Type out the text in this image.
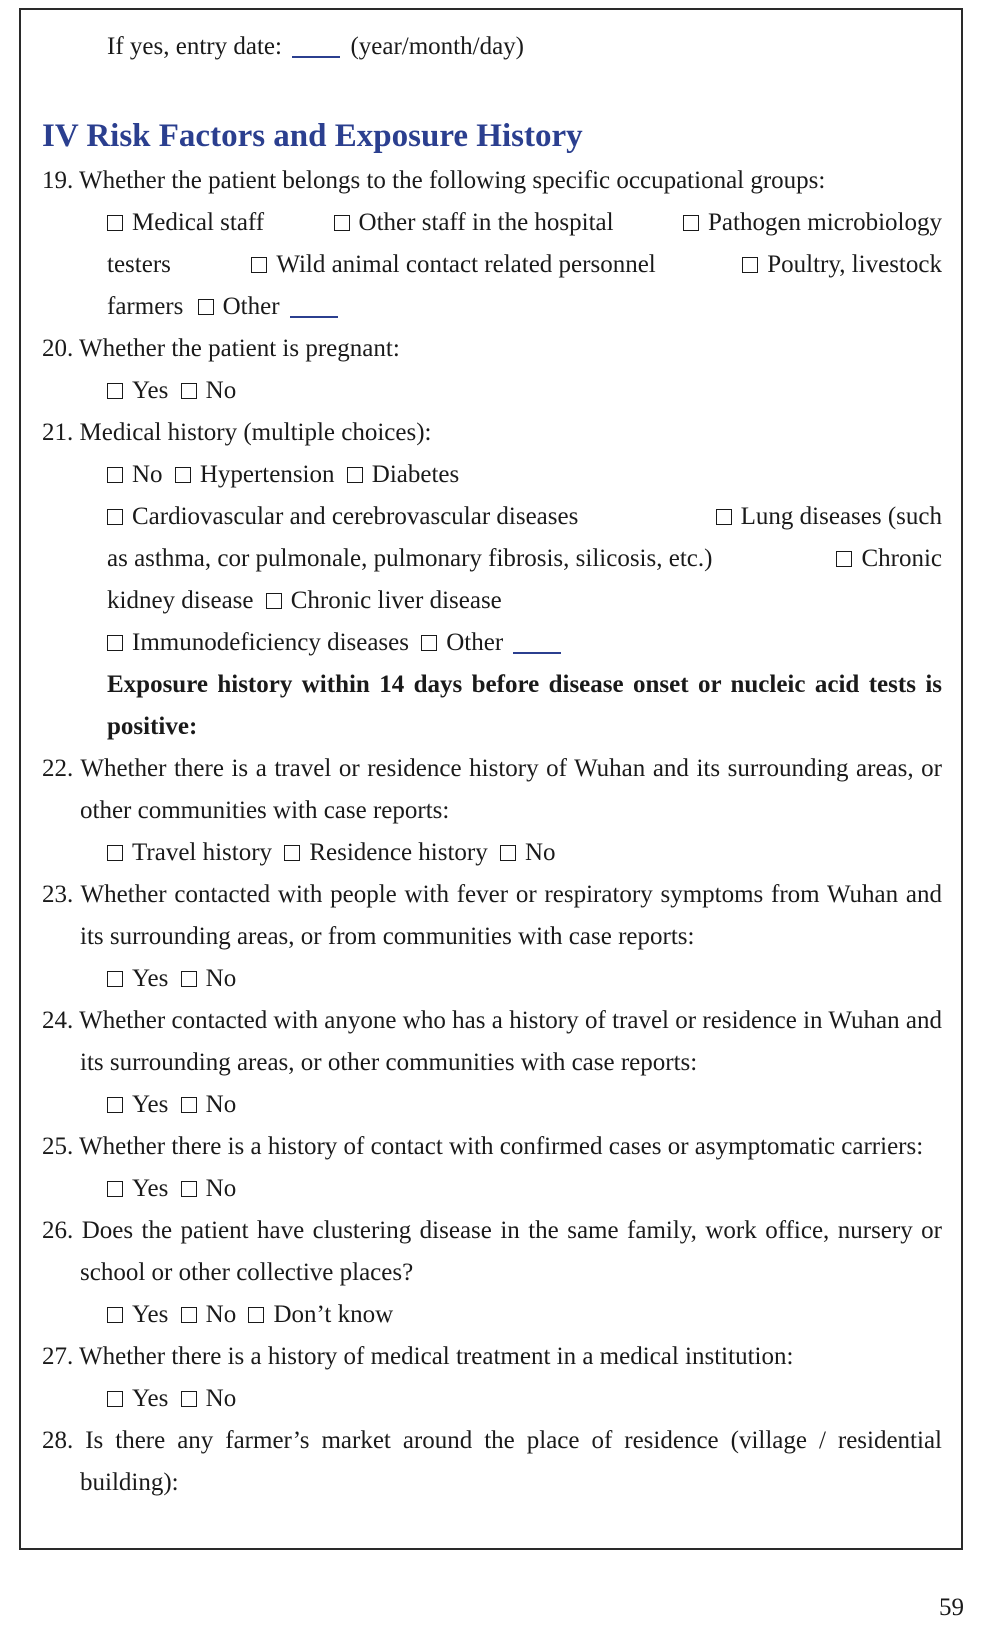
If yes, entry date:	(year/month/day)
IV Risk Factors and Exposure History
19. Whether the patient belongs to the following specific occupational groups:
Medical staff	Other staff in the hospital	Pathogen microbiology
testers	Wild animal contact related personnel	Poultry, livestock
farmers Other
20. Whether the patient is pregnant:
Yes No
21. Medical history (multiple choices):
No Hypertension Diabetes
Cardiovascular and cerebrovascular diseases	Lung diseases (such
as asthma, cor pulmonale, pulmonary fibrosis, silicosis, etc.)	Chronic
kidney disease Chronic liver disease
Immunodeficiency diseases Other
Exposure history within 14 days before disease onset or nucleic acid tests is positive:
22. Whether there is a travel or residence history of Wuhan and its surrounding areas, or other communities with case reports:
Travel history Residence history No
23. Whether contacted with people with fever or respiratory symptoms from Wuhan and its surrounding areas, or from communities with case reports:
Yes No
24. Whether contacted with anyone who has a history of travel or residence in Wuhan and its surrounding areas, or other communities with case reports:
Yes No
25. Whether there is a history of contact with confirmed cases or asymptomatic carriers:
Yes No
26. Does the patient have clustering disease in the same family, work office, nursery or school or other collective places?
Yes No Don’t know
27. Whether there is a history of medical treatment in a medical institution:
Yes No
28. Is there any farmer’s market around the place of residence (village / residential building):
59
